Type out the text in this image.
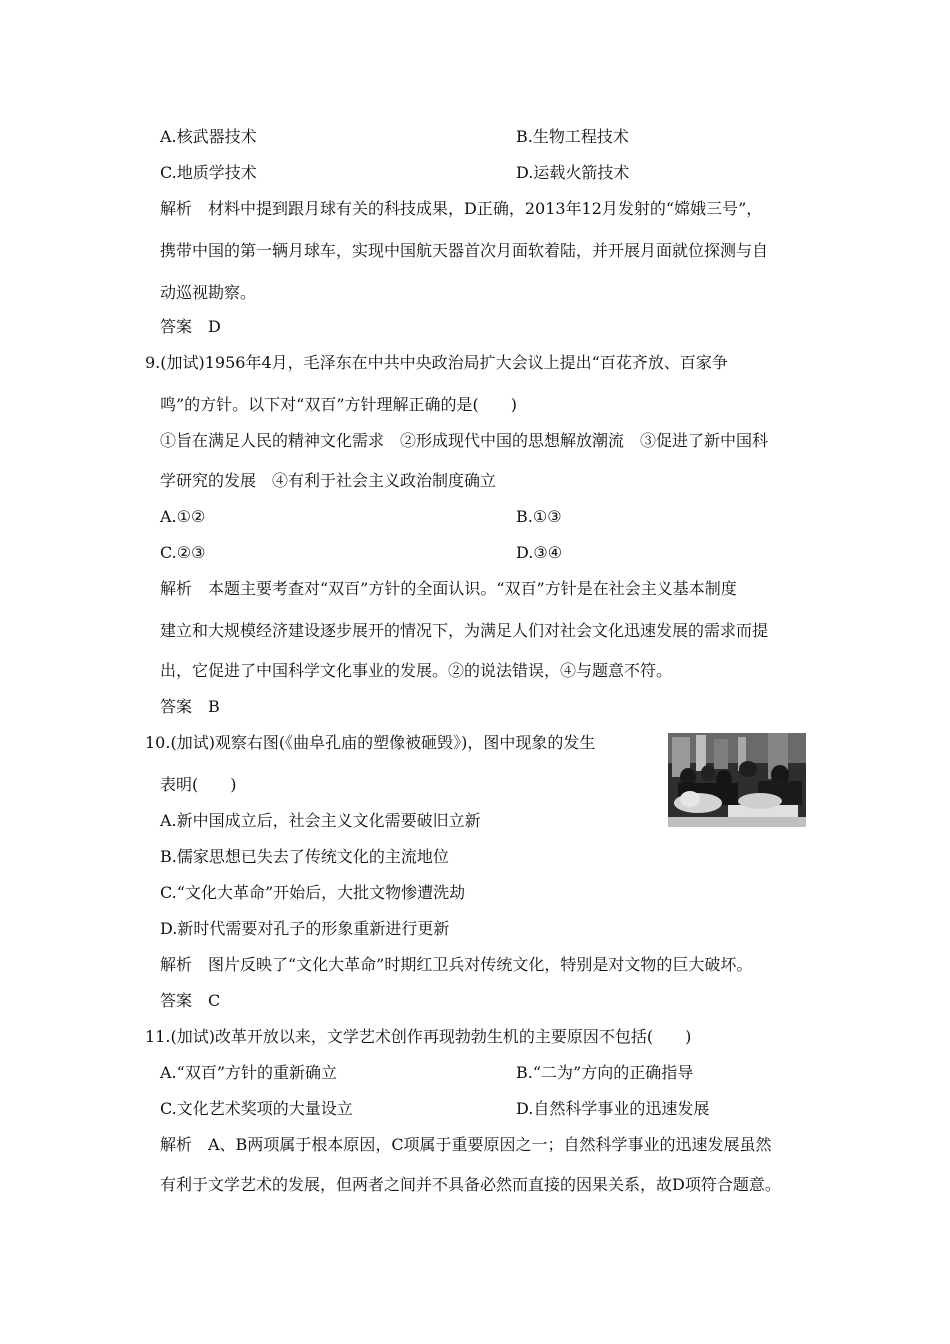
A.核武器技术	B.生物工程技术
C.地质学技术	D.运载火箭技术
解析　材料中提到跟月球有关的科技成果，D正确，2013年12月发射的“嫦娥三号”，
携带中国的第一辆月球车，实现中国航天器首次月面软着陆，并开展月面就位探测与自
动巡视勘察。
答案　D
9.(加试)1956年4月，毛泽东在中共中央政治局扩大会议上提出“百花齐放、百家争
鸣”的方针。以下对“双百”方针理解正确的是(　　)
①旨在满足人民的精神文化需求　②形成现代中国的思想解放潮流　③促进了新中国科
学研究的发展　④有利于社会主义政治制度确立
A.①②	B.①③
C.②③	D.③④
解析　本题主要考查对“双百”方针的全面认识。“双百”方针是在社会主义基本制度
建立和大规模经济建设逐步展开的情况下，为满足人们对社会文化迅速发展的需求而提
出，它促进了中国科学文化事业的发展。②的说法错误，④与题意不符。
答案　B
10.(加试)观察右图(《曲阜孔庙的塑像被砸毁》)，图中现象的发生
表明(　　)
A.新中国成立后，社会主义文化需要破旧立新
B.儒家思想已失去了传统文化的主流地位
C.“文化大革命”开始后，大批文物惨遭洗劫
D.新时代需要对孔子的形象重新进行更新
解析　图片反映了“文化大革命”时期红卫兵对传统文化，特别是对文物的巨大破坏。
答案　C
11.(加试)改革开放以来，文学艺术创作再现勃勃生机的主要原因不包括(　　)
A.“双百”方针的重新确立	B.“二为”方向的正确指导
C.文化艺术奖项的大量设立	D.自然科学事业的迅速发展
解析　A、B两项属于根本原因，C项属于重要原因之一；自然科学事业的迅速发展虽然
有利于文学艺术的发展，但两者之间并不具备必然而直接的因果关系，故D项符合题意。
